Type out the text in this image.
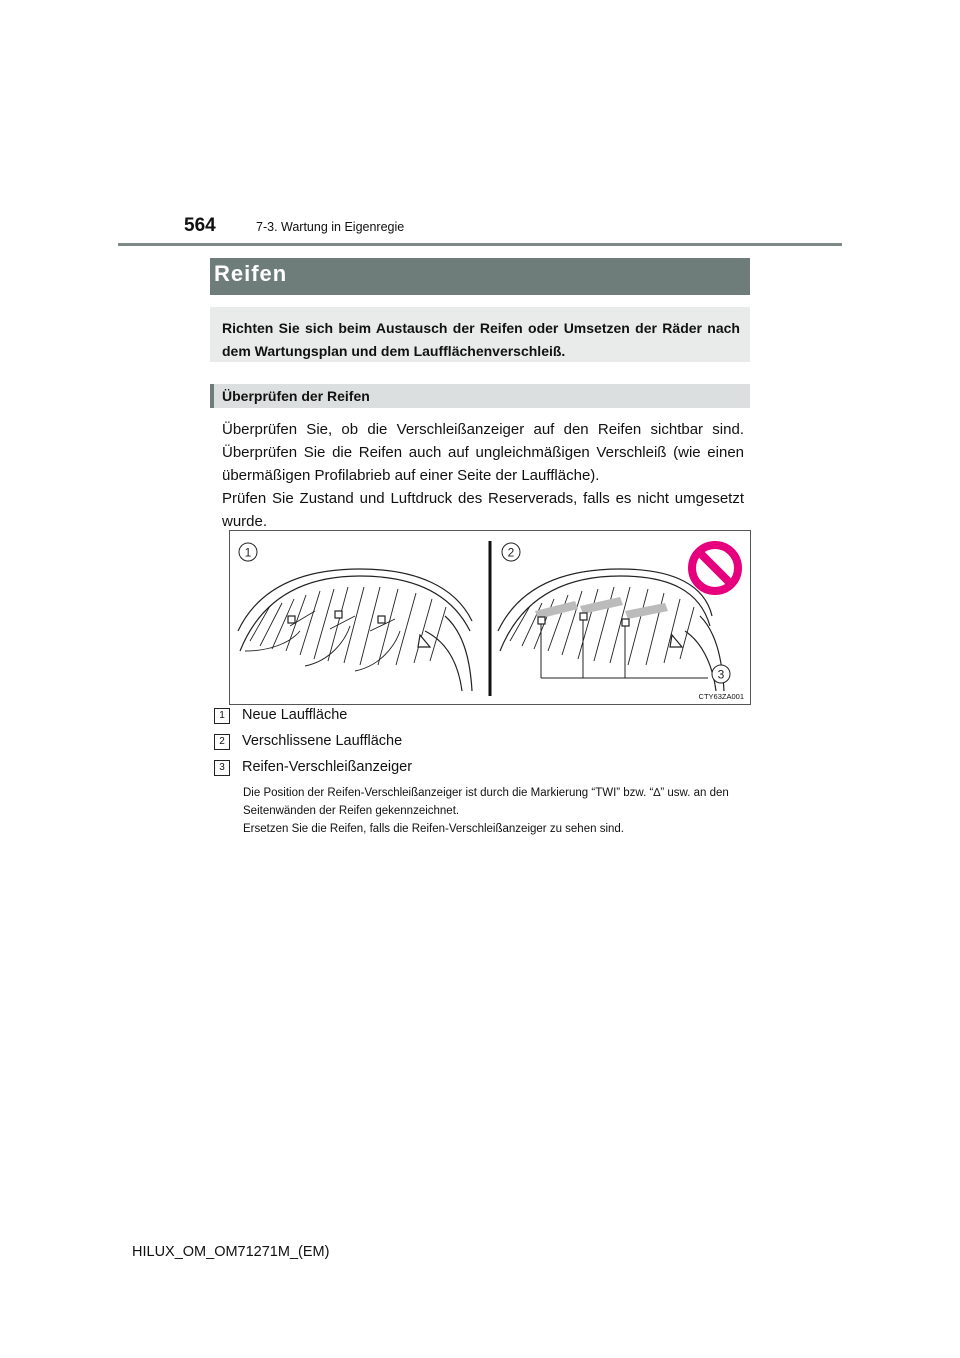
564	7-3. Wartung in Eigenregie
Reifen

Richten Sie sich beim Austausch der Reifen oder Umsetzen der Räder nach dem Wartungsplan und dem Laufflächenverschleiß.

Überprüfen der Reifen

Überprüfen Sie, ob die Verschleißanzeiger auf den Reifen sichtbar sind. Überprüfen Sie die Reifen auch auf ungleichmäßigen Verschleiß (wie einen übermäßigen Profilabrieb auf einer Seite der Lauffläche).

Prüfen Sie Zustand und Luftdruck des Reserverads, falls es nicht umgesetzt wurde.

1	2
3
CTY63ZA001
1	Neue Lauffläche
2	Verschlissene Lauffläche
3	Reifen-Verschleißanzeiger

Die Position der Reifen-Verschleißanzeiger ist durch die Markierung “TWI” bzw. “∆” usw. an den Seitenwänden der Reifen gekennzeichnet.

Ersetzen Sie die Reifen, falls die Reifen-Verschleißanzeiger zu sehen sind.

HILUX_OM_OM71271M_(EM)
